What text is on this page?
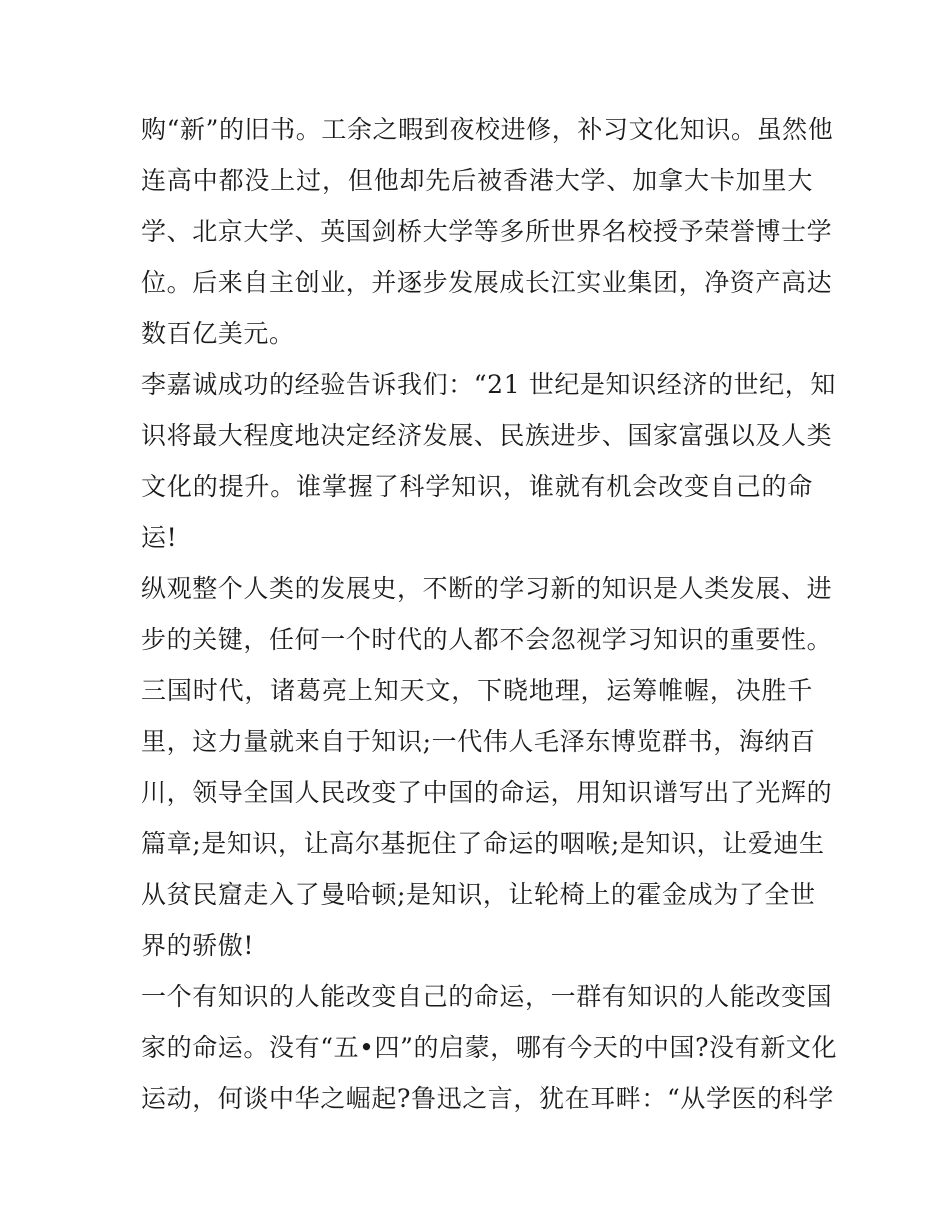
购“新”的旧书。工余之暇到夜校进修，补习文化知识。虽然他
连高中都没上过，但他却先后被香港大学、加拿大卡加里大
学、北京大学、英国剑桥大学等多所世界名校授予荣誉博士学
位。后来自主创业，并逐步发展成长江实业集团，净资产高达
数百亿美元。
李嘉诚成功的经验告诉我们：“21 世纪是知识经济的世纪，知
识将最大程度地决定经济发展、民族进步、国家富强以及人类
文化的提升。谁掌握了科学知识，谁就有机会改变自己的命
运!
纵观整个人类的发展史，不断的学习新的知识是人类发展、进
步的关键，任何一个时代的人都不会忽视学习知识的重要性。
三国时代，诸葛亮上知天文，下晓地理，运筹帷幄，决胜千
里，这力量就来自于知识;一代伟人毛泽东博览群书，海纳百
川，领导全国人民改变了中国的命运，用知识谱写出了光辉的
篇章;是知识，让高尔基扼住了命运的咽喉;是知识，让爱迪生
从贫民窟走入了曼哈顿;是知识，让轮椅上的霍金成为了全世
界的骄傲!
一个有知识的人能改变自己的命运，一群有知识的人能改变国
家的命运。没有“五•四”的启蒙，哪有今天的中国?没有新文化
运动，何谈中华之崛起?鲁迅之言，犹在耳畔：“从学医的科学
